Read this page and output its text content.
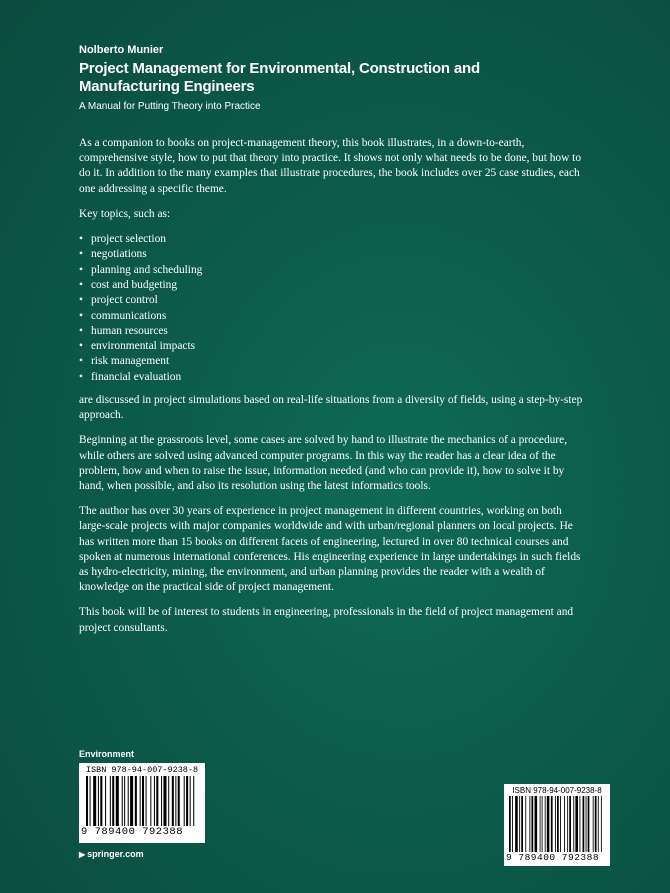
Nolberto Munier
Project Management for Environmental, Construction and Manufacturing Engineers
A Manual for Putting Theory into Practice

As a companion to books on project-management theory, this book illustrates, in a down-to-earth, comprehensive style, how to put that theory into practice. It shows not only what needs to be done, but how to do it. In addition to the many examples that illustrate procedures, the book includes over 25 case studies, each one addressing a specific theme.

Key topics, such as:

• project selection
• negotiations
• planning and scheduling
• cost and budgeting
• project control
• communications
• human resources
• environmental impacts
• risk management
• financial evaluation

are discussed in project simulations based on real-life situations from a diversity of fields, using a step-by-step approach.

Beginning at the grassroots level, some cases are solved by hand to illustrate the mechanics of a procedure, while others are solved using advanced computer programs. In this way the reader has a clear idea of the problem, how and when to raise the issue, information needed (and who can provide it), how to solve it by hand, when possible, and also its resolution using the latest informatics tools.

The author has over 30 years of experience in project management in different countries, working on both large-scale projects with major companies worldwide and with urban/regional planners on local projects. He has written more than 15 books on different facets of engineering, lectured in over 80 technical courses and spoken at numerous international conferences. His engineering experience in large undertakings in such fields as hydro-electricity, mining, the environment, and urban planning provides the reader with a wealth of knowledge on the practical side of project management.

This book will be of interest to students in engineering, professionals in the field of project management and project consultants.

Environment
ISBN 978-94-007-9238-8
9 789400 792388
▶ springer.com
ISBN 978-94-007-9238-8
9 789400 792388
